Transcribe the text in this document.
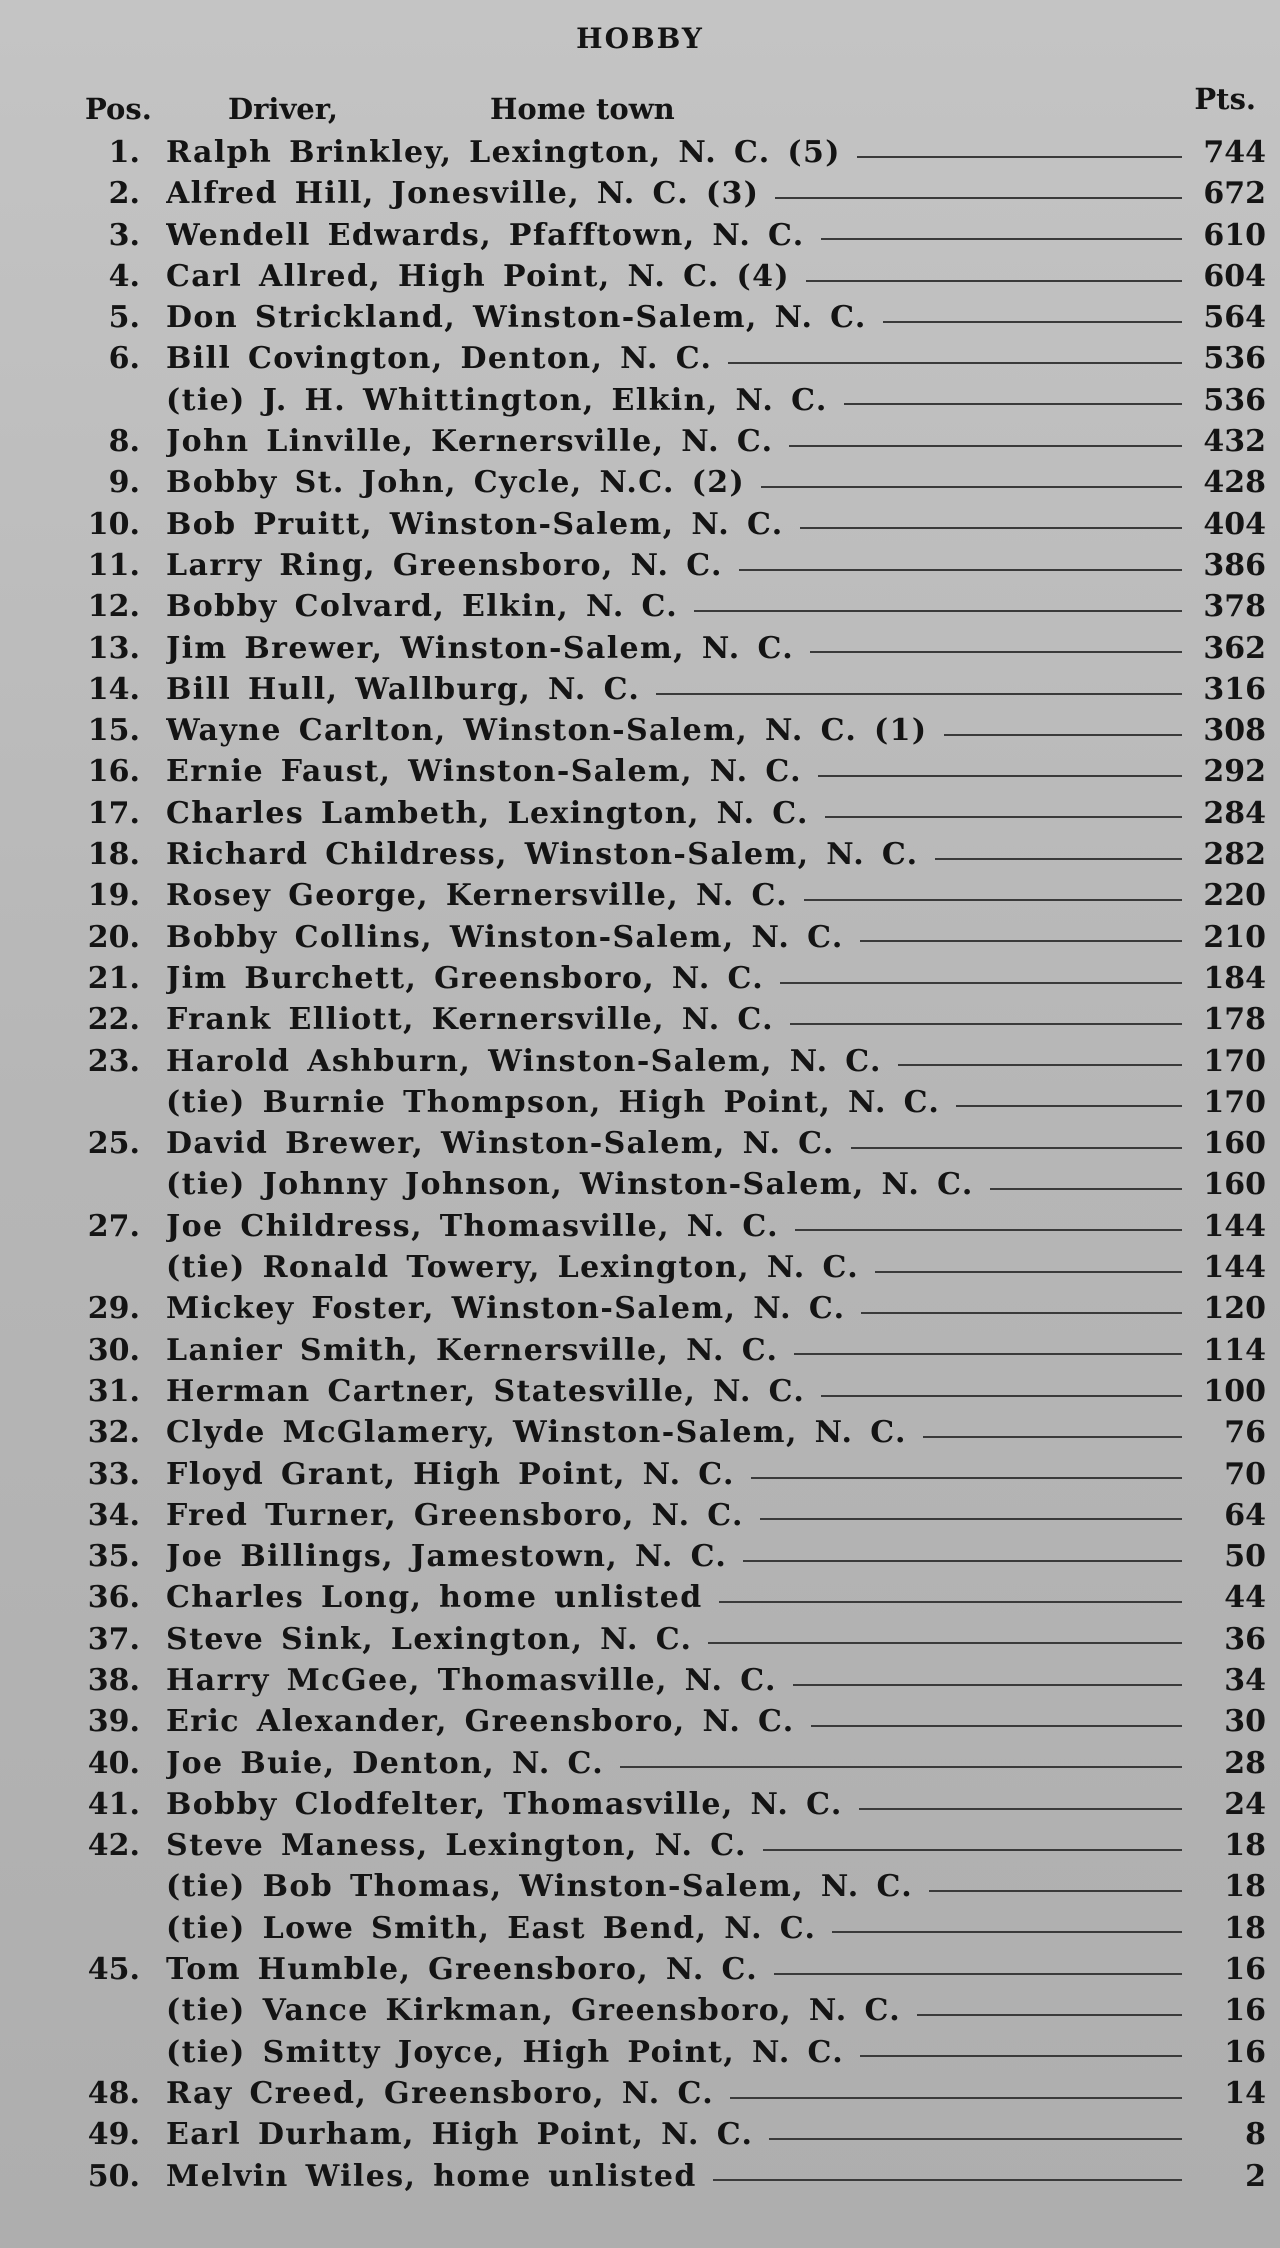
HOBBY
Pos.	Driver,	Home town	Pts.
1. Ralph Brinkley, Lexington, N. C. (5)	744
2. Alfred Hill, Jonesville, N. C. (3)	672
3. Wendell Edwards, Pfafftown, N. C.	610
4. Carl Allred, High Point, N. C. (4)	604
5. Don Strickland, Winston-Salem, N. C.	564
6. Bill Covington, Denton, N. C.	536
(tie) J. H. Whittington, Elkin, N. C.	536
8. John Linville, Kernersville, N. C.	432
9. Bobby St. John, Cycle, N.C. (2)	428
10. Bob Pruitt, Winston-Salem, N. C.	404
11. Larry Ring, Greensboro, N. C.	386
12. Bobby Colvard, Elkin, N. C.	378
13. Jim Brewer, Winston-Salem, N. C.	362
14. Bill Hull, Wallburg, N. C.	316
15. Wayne Carlton, Winston-Salem, N. C. (1)	308
16. Ernie Faust, Winston-Salem, N. C.	292
17. Charles Lambeth, Lexington, N. C.	284
18. Richard Childress, Winston-Salem, N. C.	282
19. Rosey George, Kernersville, N. C.	220
20. Bobby Collins, Winston-Salem, N. C.	210
21. Jim Burchett, Greensboro, N. C.	184
22. Frank Elliott, Kernersville, N. C.	178
23. Harold Ashburn, Winston-Salem, N. C.	170
(tie) Burnie Thompson, High Point, N. C.	170
25. David Brewer, Winston-Salem, N. C.	160
(tie) Johnny Johnson, Winston-Salem, N. C.	160
27. Joe Childress, Thomasville, N. C.	144
(tie) Ronald Towery, Lexington, N. C.	144
29. Mickey Foster, Winston-Salem, N. C.	120
30. Lanier Smith, Kernersville, N. C.	114
31. Herman Cartner, Statesville, N. C.	100
32. Clyde McGlamery, Winston-Salem, N. C.	76
33. Floyd Grant, High Point, N. C.	70
34. Fred Turner, Greensboro, N. C.	64
35. Joe Billings, Jamestown, N. C.	50
36. Charles Long, home unlisted	44
37. Steve Sink, Lexington, N. C.	36
38. Harry McGee, Thomasville, N. C.	34
39. Eric Alexander, Greensboro, N. C.	30
40. Joe Buie, Denton, N. C.	28
41. Bobby Clodfelter, Thomasville, N. C.	24
42. Steve Maness, Lexington, N. C.	18
(tie) Bob Thomas, Winston-Salem, N. C.	18
(tie) Lowe Smith, East Bend, N. C.	18
45. Tom Humble, Greensboro, N. C.	16
(tie) Vance Kirkman, Greensboro, N. C.	16
(tie) Smitty Joyce, High Point, N. C.	16
48. Ray Creed, Greensboro, N. C.	14
49. Earl Durham, High Point, N. C.	8
50. Melvin Wiles, home unlisted	2
